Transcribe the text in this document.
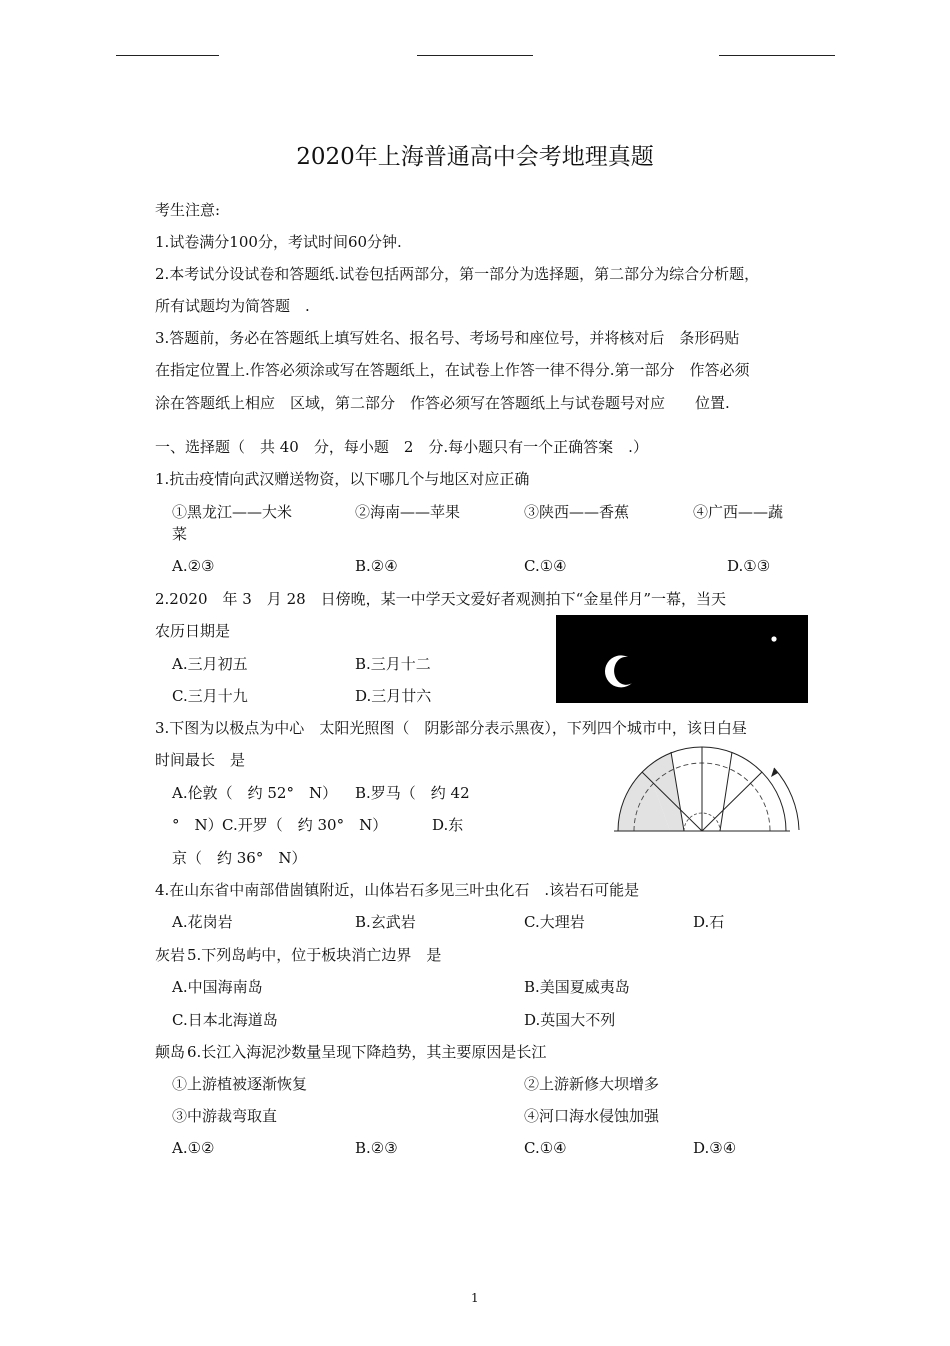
2020年上海普通高中会考地理真题
考生注意:
1.试卷满分100分，考试时间60分钟.
2.本考试分设试卷和答题纸.试卷包括两部分，第一部分为选择题，第二部分为综合分析题，
所有试题均为简答题　.
3.答题前，务必在答题纸上填写姓名、报名号、考场号和座位号，并将核对后　条形码贴
在指定位置上.作答必须涂或写在答题纸上，在试卷上作答一律不得分.第一部分　作答必须
涂在答题纸上相应　区域，第二部分　作答必须写在答题纸上与试卷题号对应　　位置.
一、选择题（　共 40　分，每小题　2　分.每小题只有一个正确答案　.）
1.抗击疫情向武汉赠送物资，以下哪几个与地区对应正确
①黑龙江——大米	②海南——苹果	③陕西——香蕉	④广西——蔬
菜
A.②③	B.②④	C.①④	D.①③
2.2020　年 3　月 28　日傍晚，某一中学天文爱好者观测拍下“金星伴月”一幕，当天
农历日期是
A.三月初五	B.三月十二
C.三月十九	D.三月廿六
3.下图为以极点为中心　太阳光照图（　阴影部分表示黑夜），下列四个城市中，该日白昼
时间最长　是
A.伦敦（　约 52°　N） B.罗马（　约 42
°　N） C.开罗（　约 30°　N）	D.东
京（　约 36°　N）
4.在山东省中南部借崮镇附近，山体岩石多见三叶虫化石　.该岩石可能是
A.花岗岩	B.玄武岩	C.大理岩	D.石
灰岩 5.下列岛屿中，位于板块消亡边界　是
A.中国海南岛	B.美国夏威夷岛
C.日本北海道岛	D.英国大不列
颠岛 6.长江入海泥沙数量呈现下降趋势，其主要原因是长江
①上游植被逐渐恢复	②上游新修大坝增多
③中游裁弯取直	④河口海水侵蚀加强
A.①②	B.②③	C.①④	D.③④
1
